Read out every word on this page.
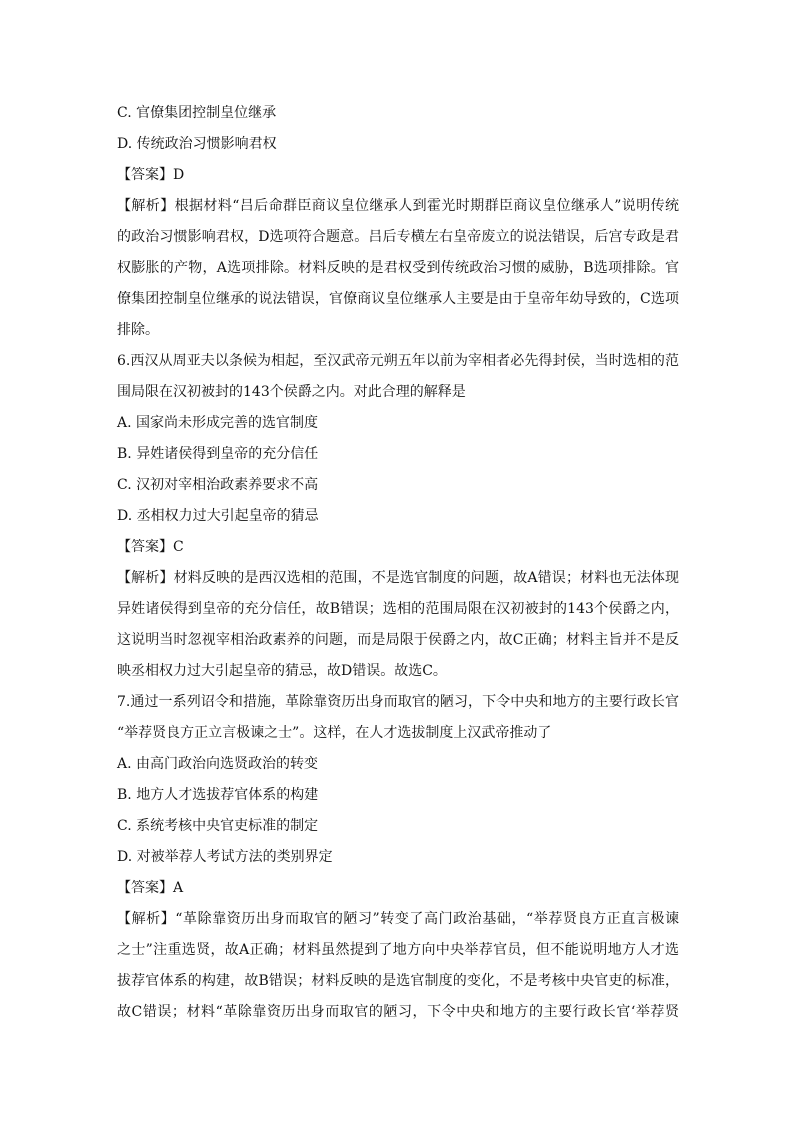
C. 官僚集团控制皇位继承
D. 传统政治习惯影响君权
【答案】D
【解析】根据材料“吕后命群臣商议皇位继承人到霍光时期群臣商议皇位继承人”说明传统
的政治习惯影响君权，D选项符合题意。吕后专横左右皇帝废立的说法错误，后宫专政是君
权膨胀的产物，A选项排除。材料反映的是君权受到传统政治习惯的威胁，B选项排除。官
僚集团控制皇位继承的说法错误，官僚商议皇位继承人主要是由于皇帝年幼导致的，C选项
排除。
6.西汉从周亚夫以条候为相起，至汉武帝元朔五年以前为宰相者必先得封侯，当时选相的范
围局限在汉初被封的143个侯爵之内。对此合理的解释是
A. 国家尚未形成完善的选官制度
B. 异姓诸侯得到皇帝的充分信任
C. 汉初对宰相治政素养要求不高
D. 丞相权力过大引起皇帝的猜忌
【答案】C
【解析】材料反映的是西汉选相的范围，不是选官制度的问题，故A错误；材料也无法体现
异姓诸侯得到皇帝的充分信任，故B错误；选相的范围局限在汉初被封的143个侯爵之内，
这说明当时忽视宰相治政素养的问题，而是局限于侯爵之内，故C正确；材料主旨并不是反
映丞相权力过大引起皇帝的猜忌，故D错误。故选C。
7.通过一系列诏令和措施，革除靠资历出身而取官的陋习，下令中央和地方的主要行政长官
“举荐贤良方正立言极谏之士”。这样，在人才选拔制度上汉武帝推动了
A. 由高门政治向选贤政治的转变
B. 地方人才选拔荐官体系的构建
C. 系统考核中央官吏标准的制定
D. 对被举荐人考试方法的类别界定
【答案】A
【解析】“革除靠资历出身而取官的陋习”转变了高门政治基础，“举荐贤良方正直言极谏
之士”注重选贤，故A正确；材料虽然提到了地方向中央举荐官员，但不能说明地方人才选
拔荐官体系的构建，故B错误；材料反映的是选官制度的变化，不是考核中央官吏的标准，
故C错误；材料“革除靠资历出身而取官的陋习，下令中央和地方的主要行政长官‘举荐贤
